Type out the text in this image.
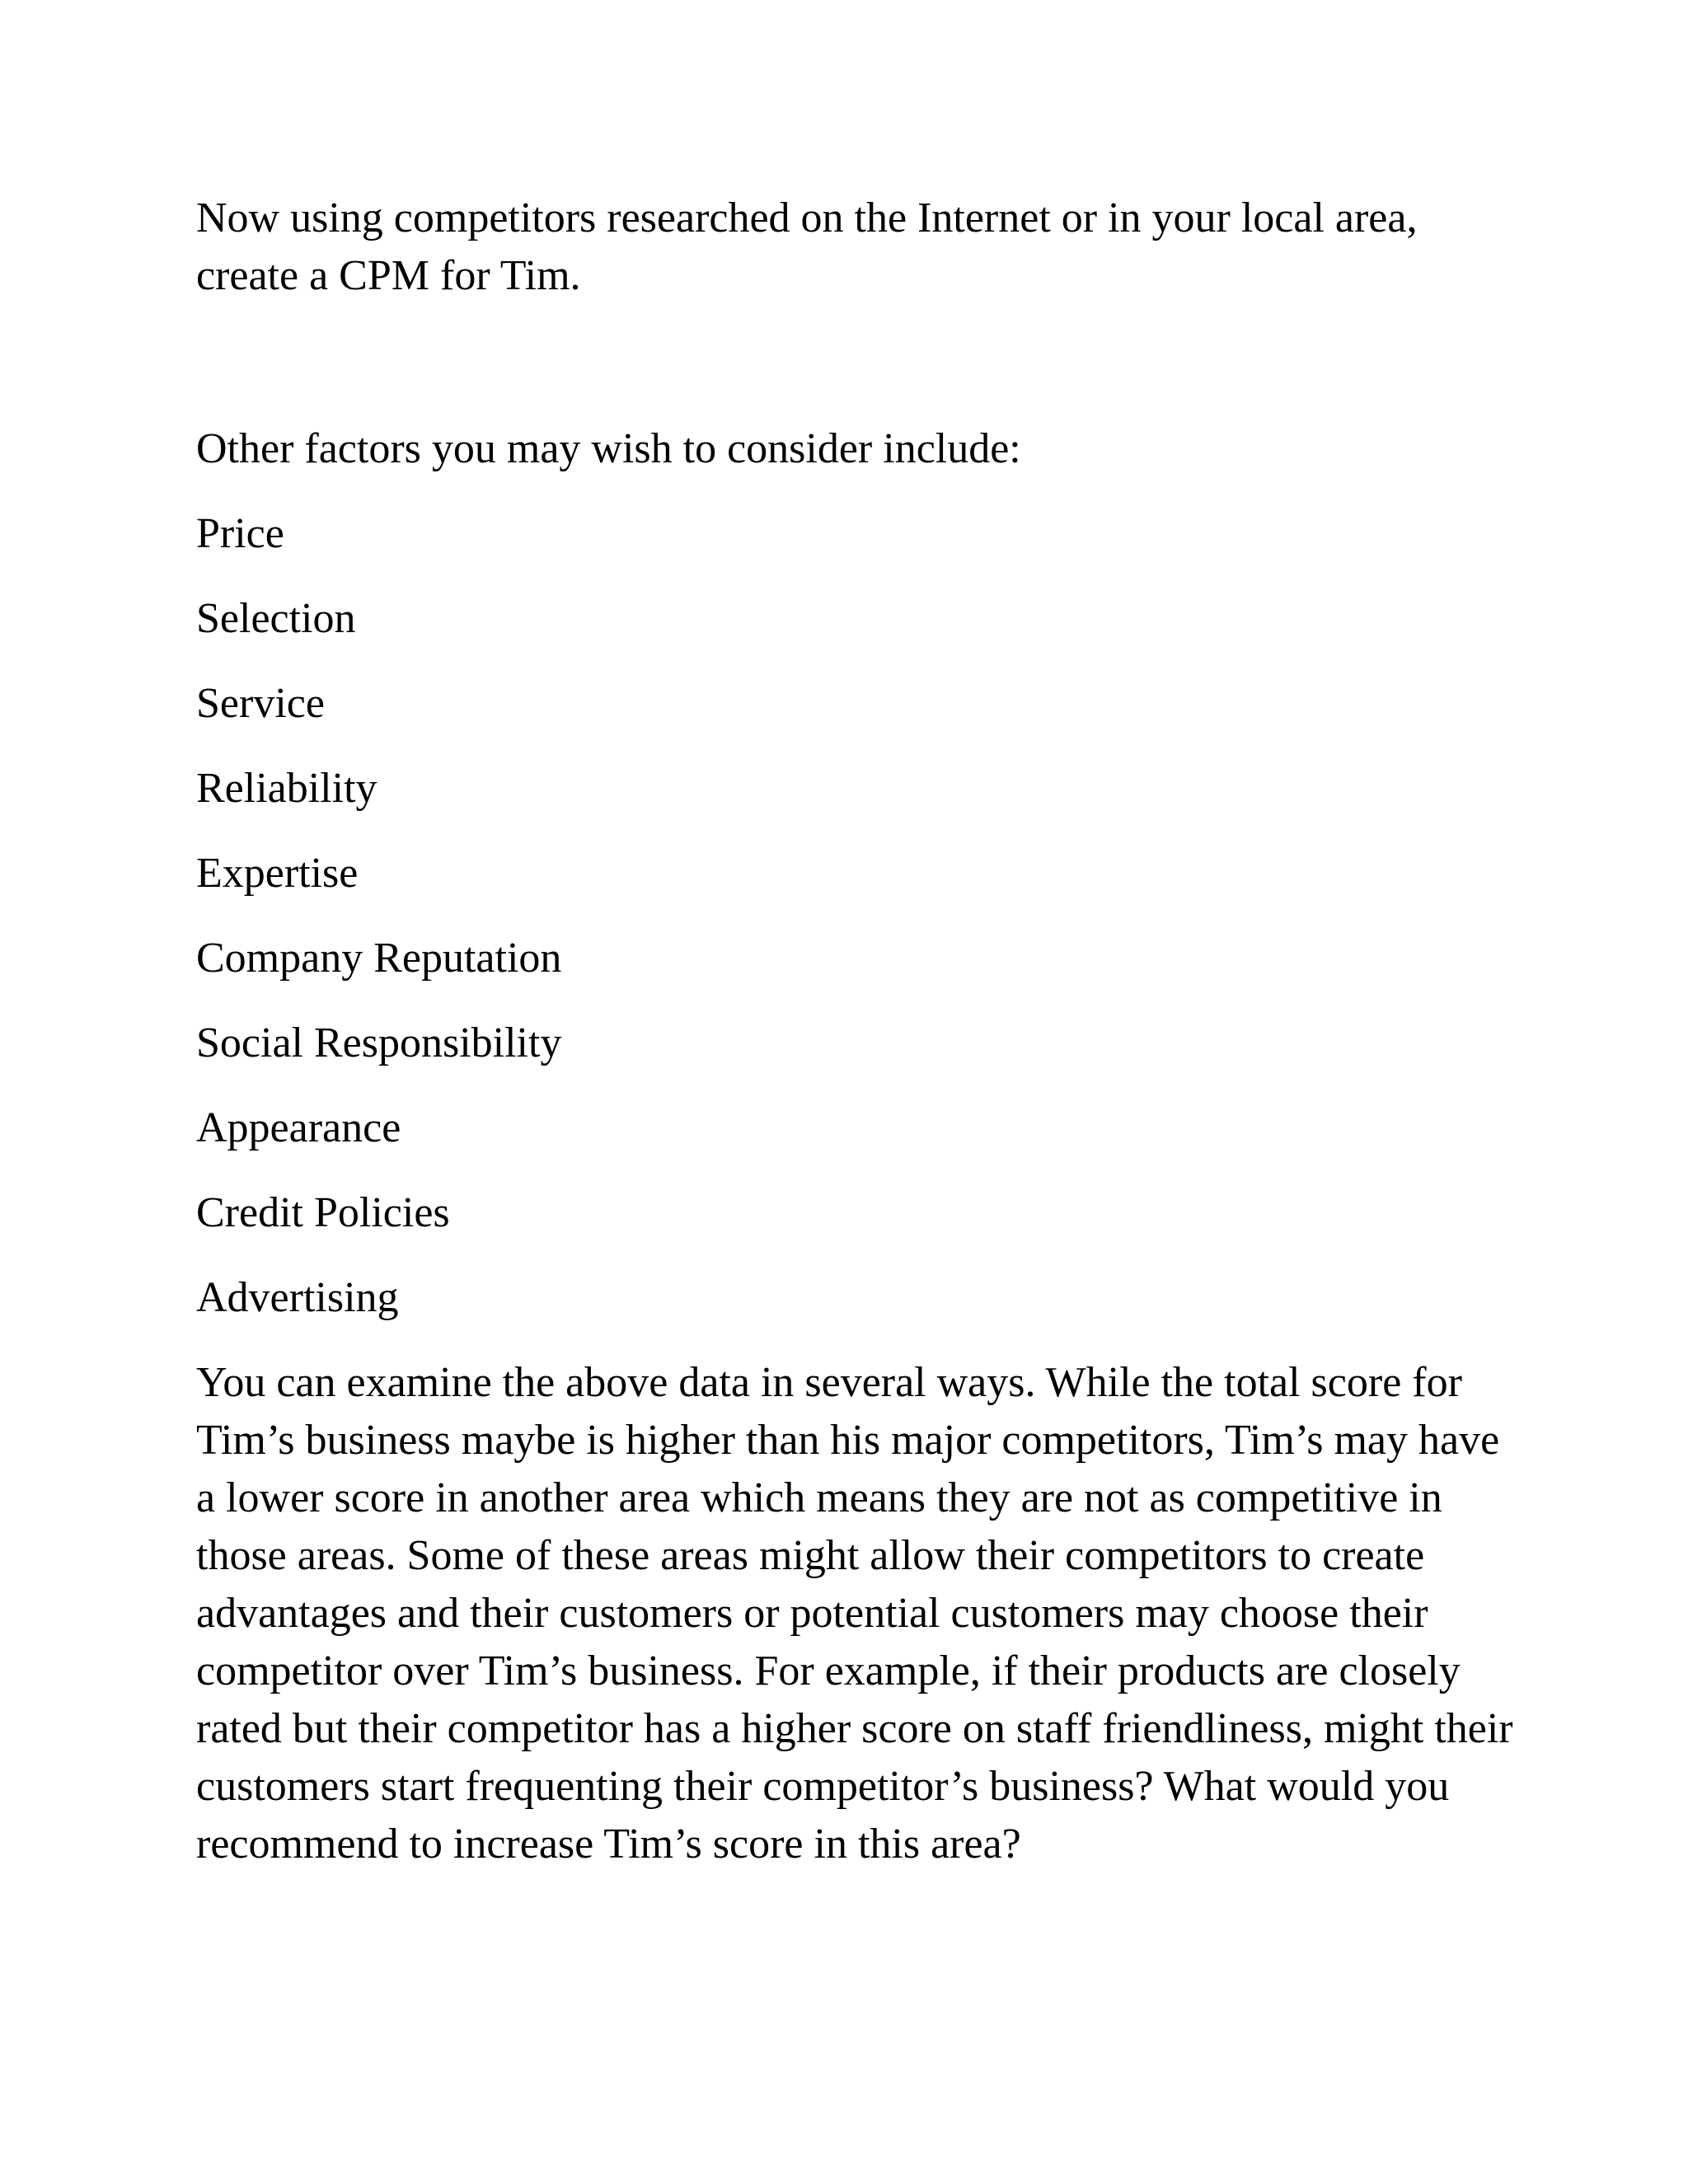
Now using competitors researched on the Internet or in your local area, create a CPM for Tim.

Other factors you may wish to consider include:

Price
Selection
Service
Reliability
Expertise
Company Reputation
Social Responsibility
Appearance
Credit Policies
Advertising

You can examine the above data in several ways. While the total score for Tim’s business maybe is higher than his major competitors, Tim’s may have a lower score in another area which means they are not as competitive in those areas. Some of these areas might allow their competitors to create advantages and their customers or potential customers may choose their competitor over Tim’s business. For example, if their products are closely rated but their competitor has a higher score on staff friendliness, might their customers start frequenting their competitor’s business? What would you recommend to increase Tim’s score in this area?
